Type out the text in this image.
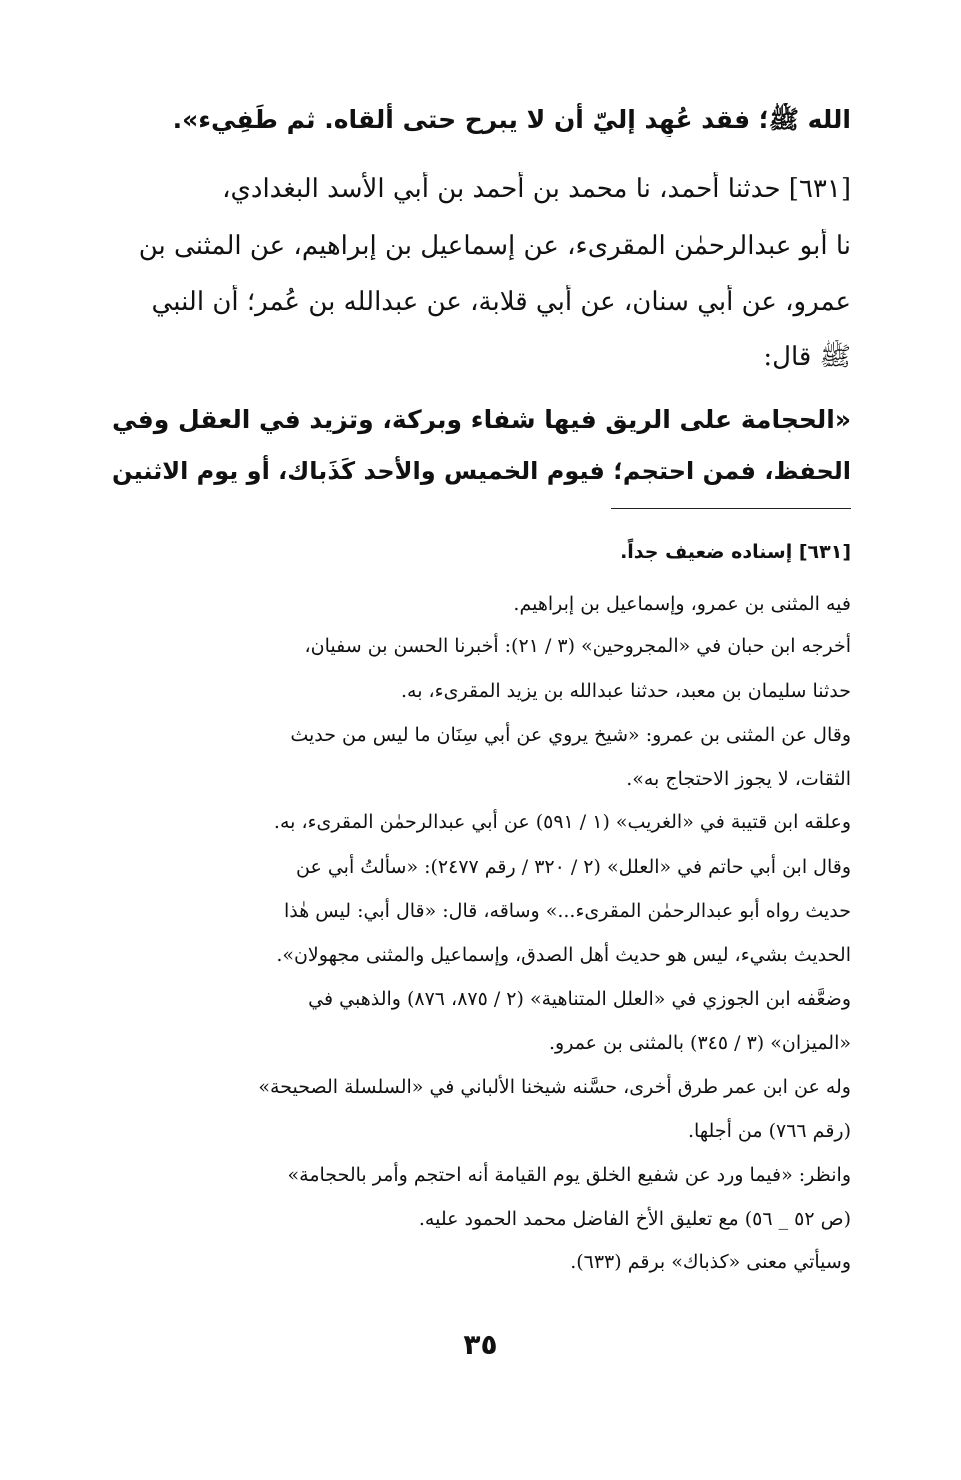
الله ﷺ؛ فقد عُهِد إليّ أن لا يبرح حتى ألقاه. ثم طَفِيء».
[٦٣١] حدثنا أحمد، نا محمد بن أحمد بن أبي الأسد البغدادي،
نا أبو عبدالرحمٰن المقرىء، عن إسماعيل بن إبراهيم، عن المثنى بن
عمرو، عن أبي سنان، عن أبي قلابة، عن عبدالله بن عُمر؛ أن النبي
ﷺ قال:
«الحجامة على الريق فيها شفاء وبركة، وتزيد في العقل وفي
الحفظ، فمن احتجم؛ فيوم الخميس والأحد كَذَباك، أو يوم الاثنين
[٦٣١] إسناده ضعيف جداً.
فيه المثنى بن عمرو، وإسماعيل بن إبراهيم.
أخرجه ابن حبان في «المجروحين» (٣ / ٢١): أخبرنا الحسن بن سفيان،
حدثنا سليمان بن معبد، حدثنا عبدالله بن يزيد المقرىء، به.
وقال عن المثنى بن عمرو: «شيخ يروي عن أبي سِنَان ما ليس من حديث
الثقات، لا يجوز الاحتجاج به».
وعلقه ابن قتيبة في «الغريب» (١ / ٥٩١) عن أبي عبدالرحمٰن المقرىء، به.
وقال ابن أبي حاتم في «العلل» (٢ / ٣٢٠ / رقم ٢٤٧٧): «سألتُ أبي عن
حديث رواه أبو عبدالرحمٰن المقرىء...» وساقه، قال: «قال أبي: ليس هٰذا
الحديث بشيء، ليس هو حديث أهل الصدق، وإسماعيل والمثنى مجهولان».
وضعَّفه ابن الجوزي في «العلل المتناهية» (٢ / ٨٧٥، ٨٧٦) والذهبي في
«الميزان» (٣ / ٣٤٥) بالمثنى بن عمرو.
وله عن ابن عمر طرق أُخرى، حسَّنه شيخنا الألباني في «السلسلة الصحيحة»
(رقم ٧٦٦) من أجلها.
وانظر: «فيما ورد عن شفيع الخلق يوم القيامة أنه احتجم وأمر بالحجامة»
(ص ٥٢ _ ٥٦) مع تعليق الأخ الفاضل محمد الحمود عليه.
وسيأتي معنى «كذباك» برقم (٦٣٣).
٣٥
